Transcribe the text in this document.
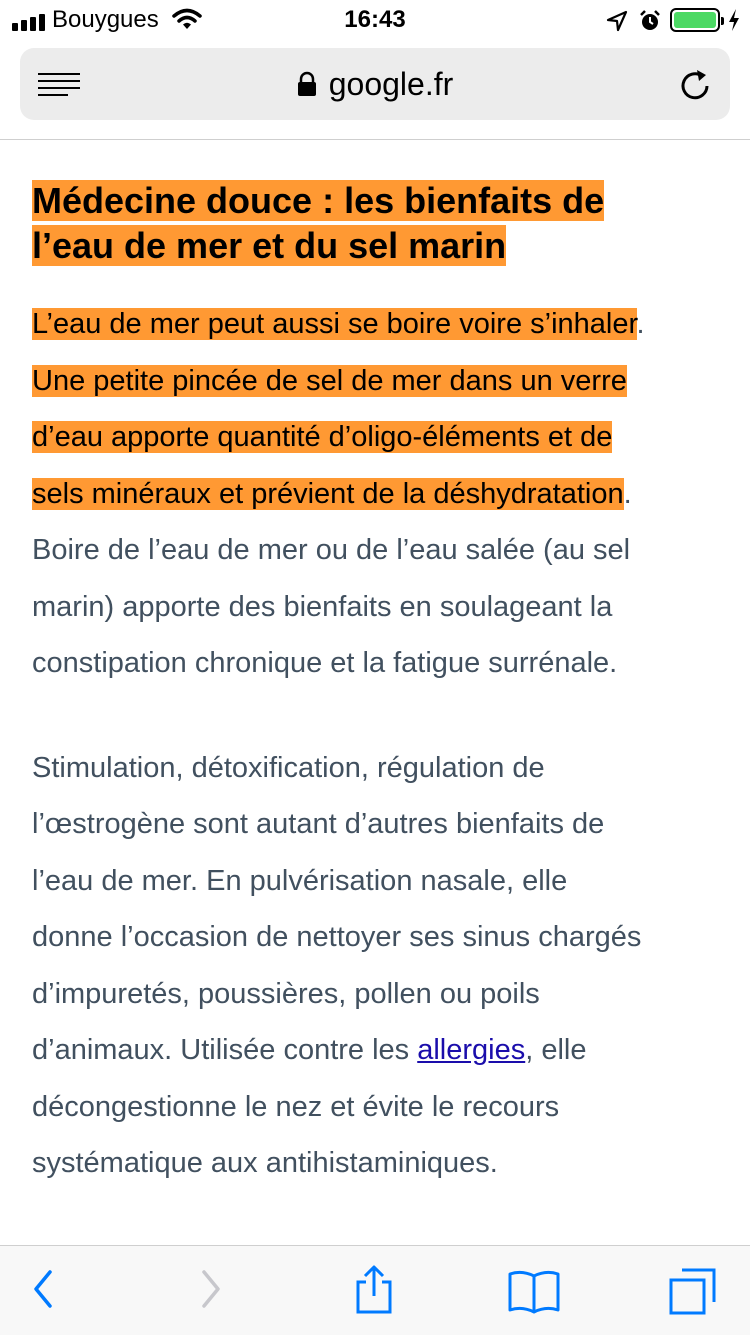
Bouygues	16:43
google.fr
Médecine douce : les bienfaits de
l’eau de mer et du sel marin

L’eau de mer peut aussi se boire voire s’inhaler.
Une petite pincée de sel de mer dans un verre
d’eau apporte quantité d’oligo-éléments et de
sels minéraux et prévient de la déshydratation.
Boire de l’eau de mer ou de l’eau salée (au sel
marin) apporte des bienfaits en soulageant la
constipation chronique et la fatigue surrénale.

Stimulation, détoxification, régulation de
l’œstrogène sont autant d’autres bienfaits de
l’eau de mer. En pulvérisation nasale, elle
donne l’occasion de nettoyer ses sinus chargés
d’impuretés, poussières, pollen ou poils
d’animaux. Utilisée contre les allergies, elle
décongestionne le nez et évite le recours
systématique aux antihistaminiques.
